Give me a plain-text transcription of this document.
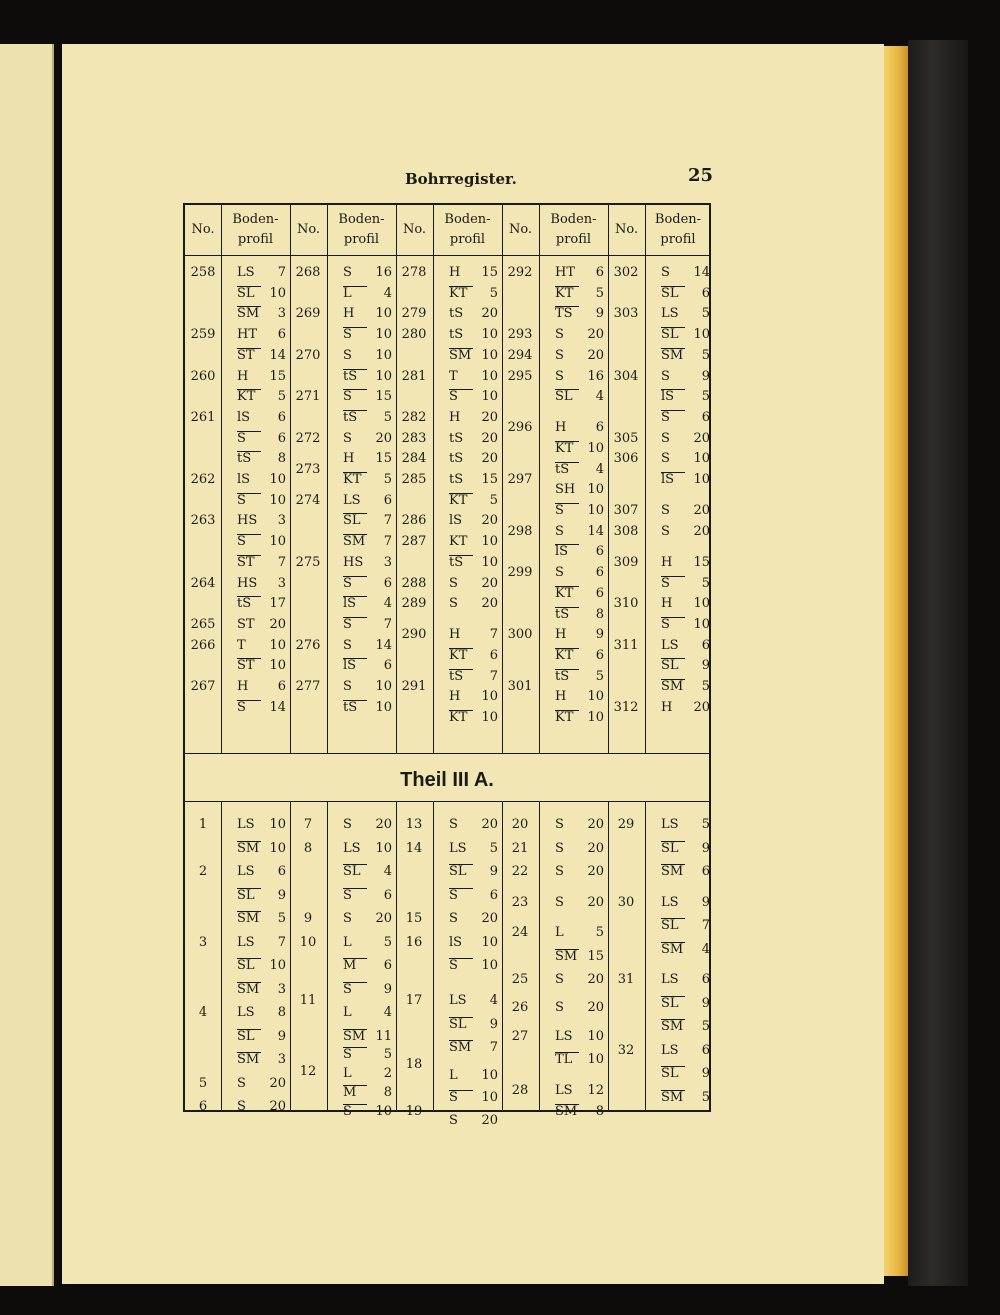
Bohrregister.	25
Theil III A.
No.
Boden-
profil
No.
Boden-
profil
No.
Boden-
profil
No.
Boden-
profil
No.
Boden-
profil
258
259
260
261
262
263
264
265
266
267
LS 7
SL 10
SM 3
HT 6
ST 14
H 15
KT 5
lS 6
S 6
tS 8
lS 10
S 10
HS 3
S 10
ST 7
HS 3
tS 17
ST 20
T 10
ST 10
H 6
S 14
268
269
270
271
272
273
274
275
276
277
S 16
L 4
H 10
S 10
S 10
tS 10
S 15
tS 5
S 20
H 15
KT 5
LS 6
SL 7
SM 7
HS 3
S 6
lS 4
S 7
S 14
lS 6
S 10
tS 10
278
279
280
281
282
283
284
285
286
287
288
289
290
291
H 15
KT 5
tS 20
tS 10
SM 10
T 10
S 10
H 20
tS 20
tS 20
tS 15
KT 5
lS 20
KT 10
tS 10
S 20
S 20
H 7
KT 6
tS 7
H 10
KT 10
292
293
294
295
296
297
298
299
300
301
HT 6
KT 5
TS 9
S 20
S 20
S 16
SL 4
H 6
KT 10
tS 4
SH 10
S 10
S 14
lS 6
S 6
KT 6
tS 8
H 9
KT 6
tS 5
H 10
KT 10
302
303
304
305
306
307
308
309
310
311
312
S 14
SL 6
LS 5
SL 10
SM 5
S 9
lS 5
S 6
S 20
S 10
lS 10
S 20
S 20
H 15
S 5
H 10
S 10
LS 6
SL 9
SM 5
H 20
1
2
3
4
5
6
LS 10
SM 10
LS 6
SL 9
SM 5
LS 7
SL 10
SM 3
LS 8
SL 9
SM 3
S 20
S 20
7
8
9
10
11
12
S 20
LS 10
SL 4
S 6
S 20
L 5
M 6
S 9
L 4
SM 11
S 5
L 2
M 8
S 10
13
14
15
16
17
18
19
S 20
LS 5
SL 9
S 6
S 20
lS 10
S 10
LS 4
SL 9
SM 7
L 10
S 10
S 20
20
21
22
23
24
25
26
27
28
S 20
S 20
S 20
S 20
L 5
SM 15
S 20
S 20
LS 10
TL 10
LS 12
SM 8
29
30
31
32
LS 5
SL 9
SM 6
LS 9
SL 7
SM 4
LS 6
SL 9
SM 5
LS 6
SL 9
SM 5
